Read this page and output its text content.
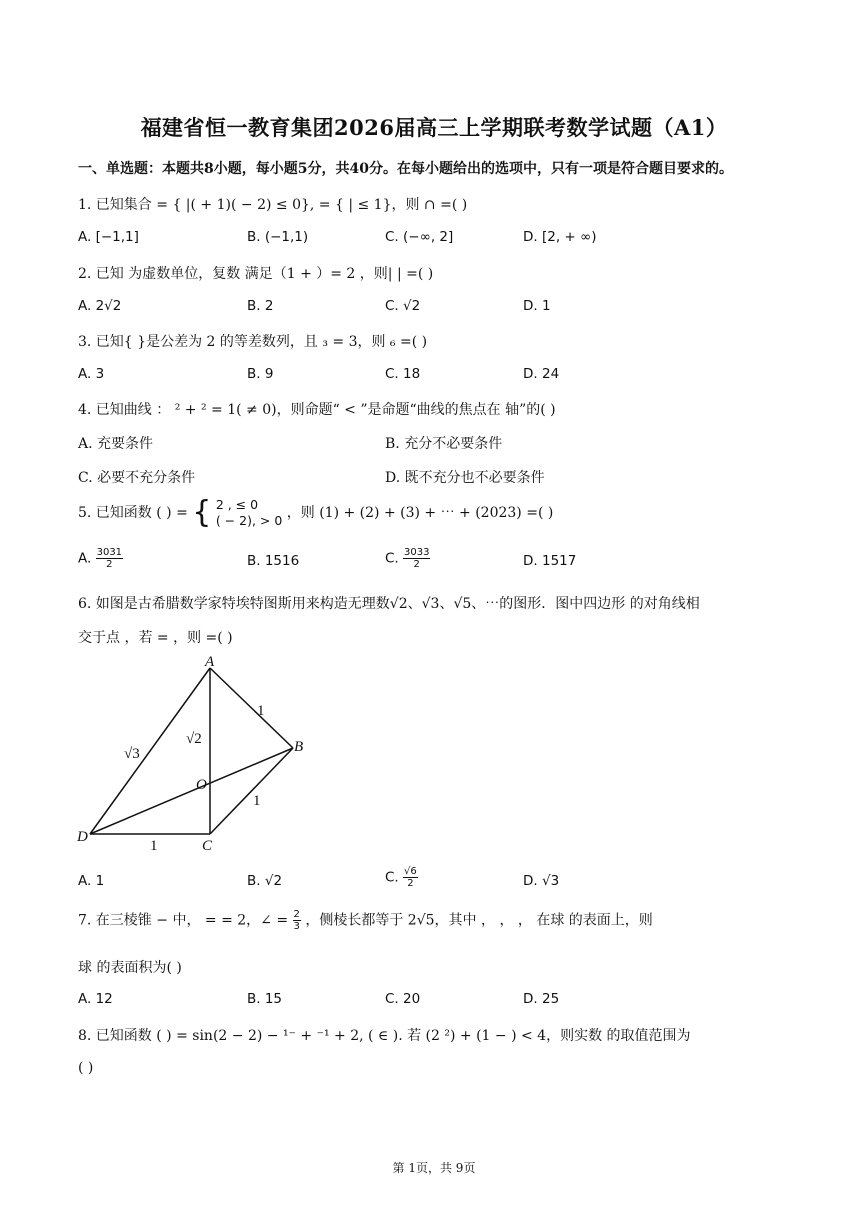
福建省恒一教育集团2026届高三上学期联考数学试题（A1）
一、单选题：本题共8小题，每小题5分，共40分。在每小题给出的选项中，只有一项是符合题目要求的。
1. 已知集合 = { |( + 1)( − 2) ≤ 0}, = { | ≤ 1}，则 ∩ =( )
A. [−1,1]	B. (−1,1)	C. (−∞, 2]	D. [2, + ∞)
2. 已知 为虚数单位，复数 满足（1 + ）= 2 ，则| | =( )
A. 2√2	B. 2	C. √2	D. 1
3. 已知{ }是公差为 2 的等差数列，且 ₃ = 3，则 ₆ =( )
A. 3	B. 9	C. 18	D. 24
4. 已知曲线 ： ² + ² = 1( ≠ 0)，则命题“ < ”是命题“曲线的焦点在 轴”的( )
A. 充要条件	B. 充分不必要条件
C. 必要不充分条件	D. 既不充分也不必要条件
5. 已知函数 ( ) = { 2 , ≤ 0
( − 2), > 0 ，则 (1) + (2) + (3) + ⋯ + (2023) =( )
A. $\frac{3031}{2}$	B. 1516	C. $\frac{3033}{2}$	D. 1517
6. 如图是古希腊数学家特埃特图斯用来构造无理数√2、√3、√5、⋯的图形．图中四边形 的对角线相
交于点 ，若 = ，则 =( )
A
B
C
D
O
1
1
1
√3
√2
A. 1	B. √2	C. $\frac{√6}{2}$	D. √3
7. 在三棱锥 − 中， = = 2，∠ = $\frac{2}{3}$ ，侧棱长都等于 2√5，其中 ， ， ， 在球 的表面上，则
球 的表面积为( )
A. 12	B. 15	C. 20	D. 25
8. 已知函数 ( ) = sin(2 − 2) − ¹⁻ + ⁻¹ + 2, ( ∈ ). 若 (2 ²) + (1 − ) < 4，则实数 的取值范围为
( )
第 1页，共 9页
